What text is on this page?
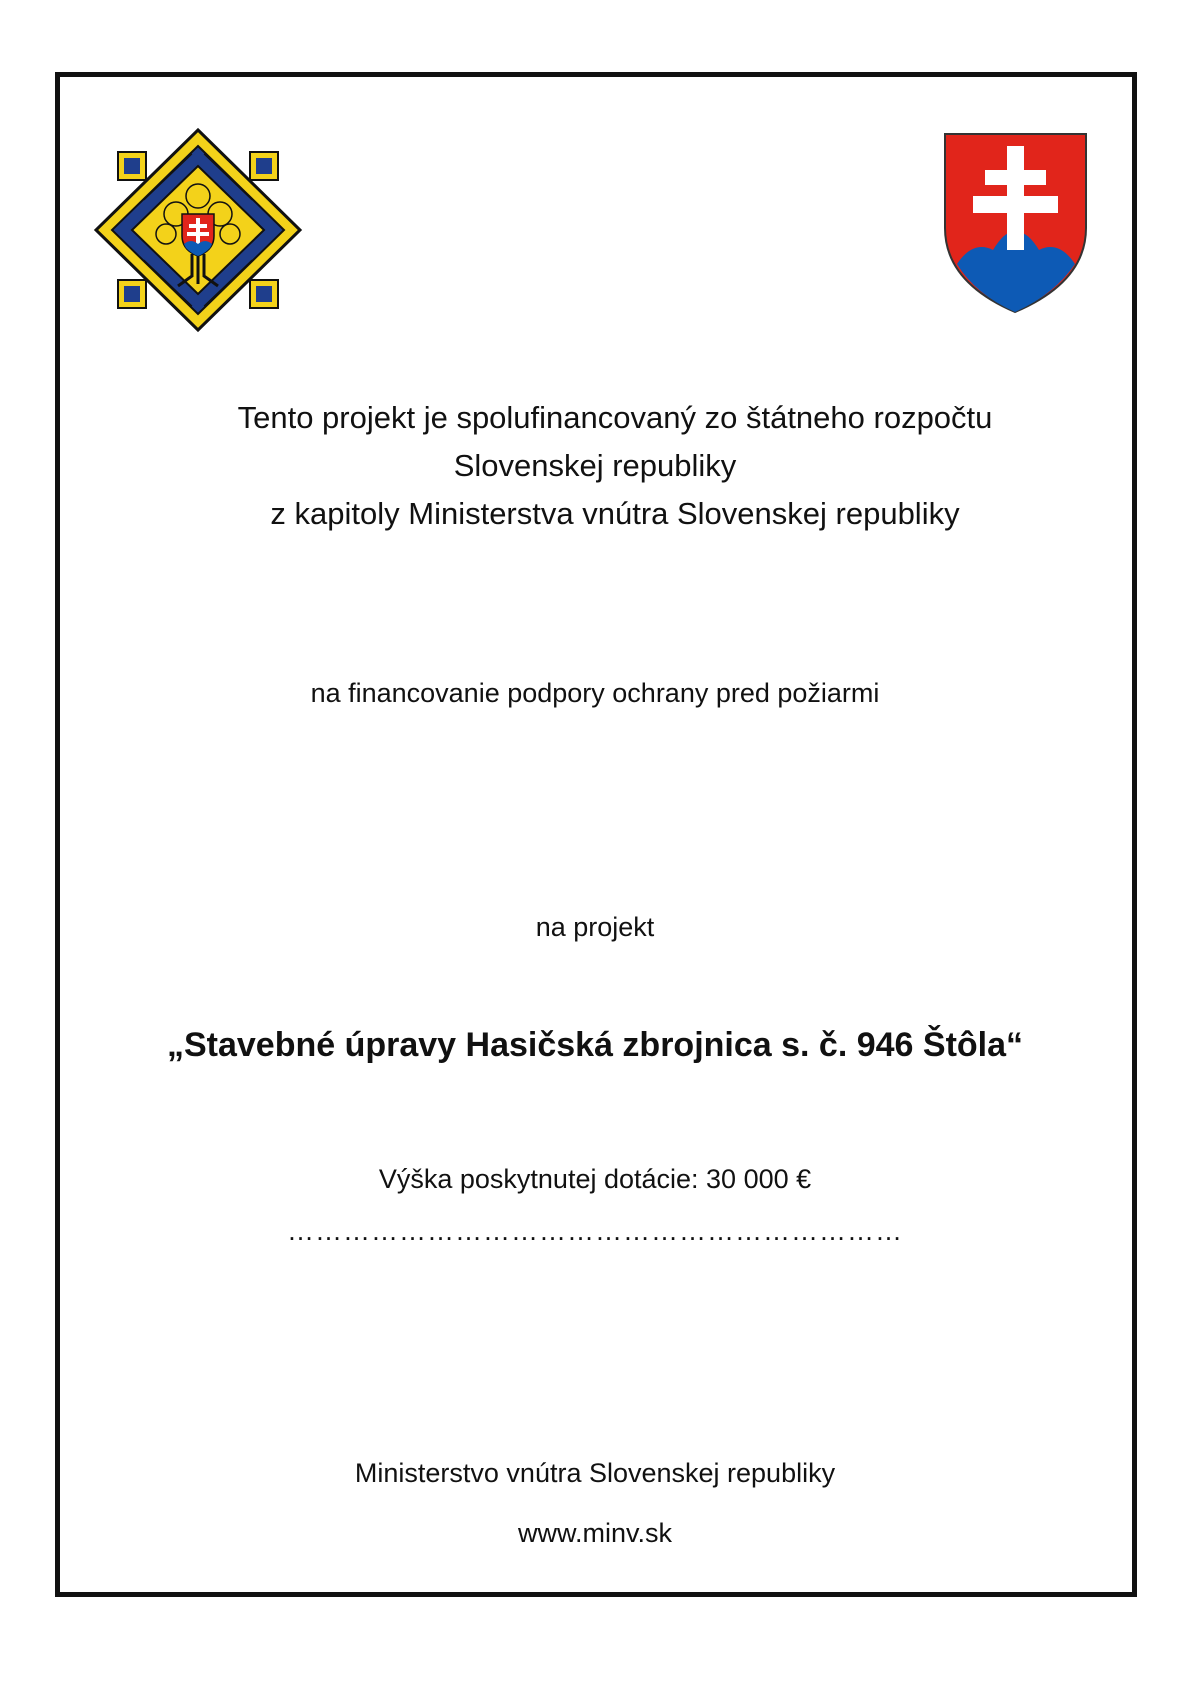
Tento projekt je spolufinancovaný zo štátneho rozpočtu
Slovenskej republiky
z kapitoly Ministerstva vnútra Slovenskej republiky
na financovanie podpory ochrany pred požiarmi
na projekt
„Stavebné úpravy Hasičská zbrojnica s. č. 946 Štôla“
Výška poskytnutej dotácie: 30 000 €
…………………………………………………………
Ministerstvo vnútra Slovenskej republiky
www.minv.sk
